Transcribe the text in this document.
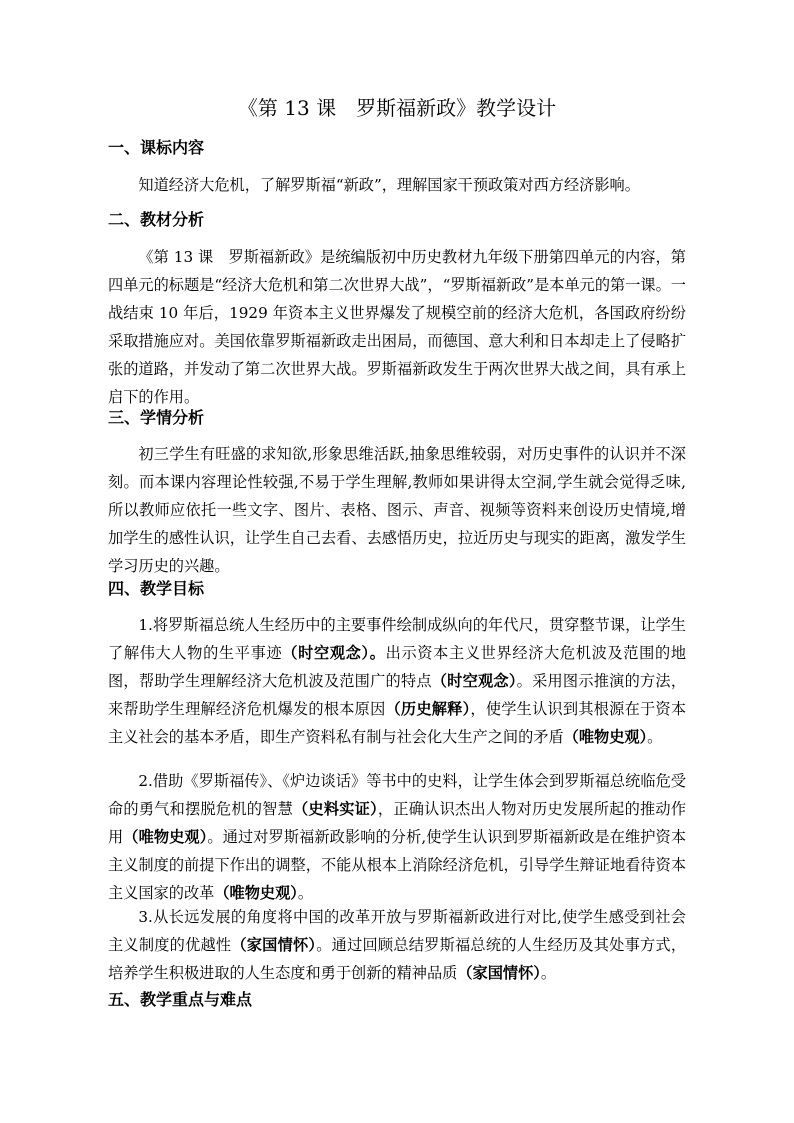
《第 13 课　罗斯福新政》教学设计
一、课标内容

知道经济大危机，了解罗斯福“新政”，理解国家干预政策对西方经济影响。

二、教材分析

《第 13 课　罗斯福新政》是统编版初中历史教材九年级下册第四单元的内容，第四单元的标题是“经济大危机和第二次世界大战”，“罗斯福新政”是本单元的第一课。一战结束 10 年后，1929 年资本主义世界爆发了规模空前的经济大危机，各国政府纷纷采取措施应对。美国依靠罗斯福新政走出困局，而德国、意大利和日本却走上了侵略扩张的道路，并发动了第二次世界大战。罗斯福新政发生于两次世界大战之间，具有承上启下的作用。

三、学情分析

初三学生有旺盛的求知欲,形象思维活跃,抽象思维较弱，对历史事件的认识并不深刻。而本课内容理论性较强,不易于学生理解,教师如果讲得太空洞,学生就会觉得乏味,所以教师应依托一些文字、图片、表格、图示、声音、视频等资料来创设历史情境,增加学生的感性认识，让学生自己去看、去感悟历史，拉近历史与现实的距离，激发学生学习历史的兴趣。

四、教学目标

1.将罗斯福总统人生经历中的主要事件绘制成纵向的年代尺，贯穿整节课，让学生了解伟大人物的生平事迹（时空观念）。出示资本主义世界经济大危机波及范围的地图，帮助学生理解经济大危机波及范围广的特点（时空观念）。采用图示推演的方法，来帮助学生理解经济危机爆发的根本原因（历史解释），使学生认识到其根源在于资本主义社会的基本矛盾，即生产资料私有制与社会化大生产之间的矛盾（唯物史观）。

2.借助《罗斯福传》、《炉边谈话》等书中的史料，让学生体会到罗斯福总统临危受命的勇气和摆脱危机的智慧（史料实证），正确认识杰出人物对历史发展所起的推动作用（唯物史观）。通过对罗斯福新政影响的分析,使学生认识到罗斯福新政是在维护资本主义制度的前提下作出的调整，不能从根本上消除经济危机，引导学生辩证地看待资本主义国家的改革（唯物史观）。

3.从长远发展的角度将中国的改革开放与罗斯福新政进行对比,使学生感受到社会主义制度的优越性（家国情怀）。通过回顾总结罗斯福总统的人生经历及其处事方式，培养学生积极进取的人生态度和勇于创新的精神品质（家国情怀）。

五、教学重点与难点
